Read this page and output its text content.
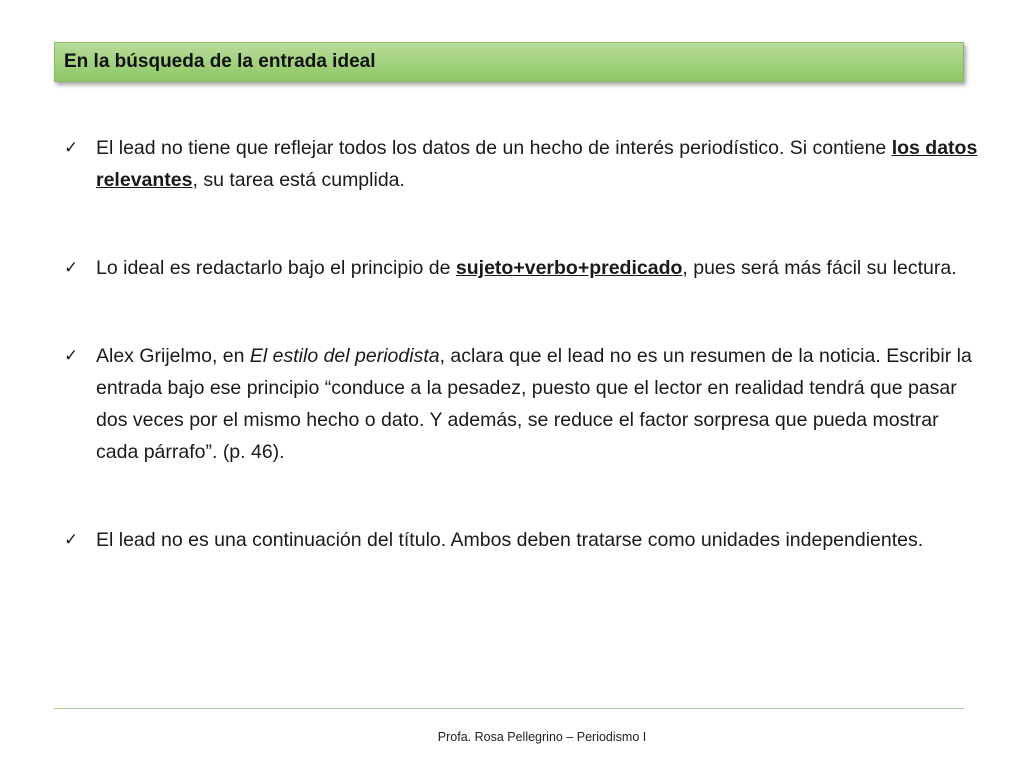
En la búsqueda de la entrada ideal
✓ El lead no tiene que reflejar todos los datos de un hecho de interés periodístico. Si contiene los datos relevantes, su tarea está cumplida.
✓ Lo ideal es redactarlo bajo el principio de sujeto+verbo+predicado, pues será más fácil su lectura.
✓ Alex Grijelmo, en El estilo del periodista, aclara que el lead no es un resumen de la noticia. Escribir la entrada bajo ese principio “conduce a la pesadez, puesto que el lector en realidad tendrá que pasar dos veces por el mismo hecho o dato. Y además, se reduce el factor sorpresa que pueda mostrar cada párrafo”. (p. 46).
✓ El lead no es una continuación del título. Ambos deben tratarse como unidades independientes.
Profa. Rosa Pellegrino – Periodismo I
